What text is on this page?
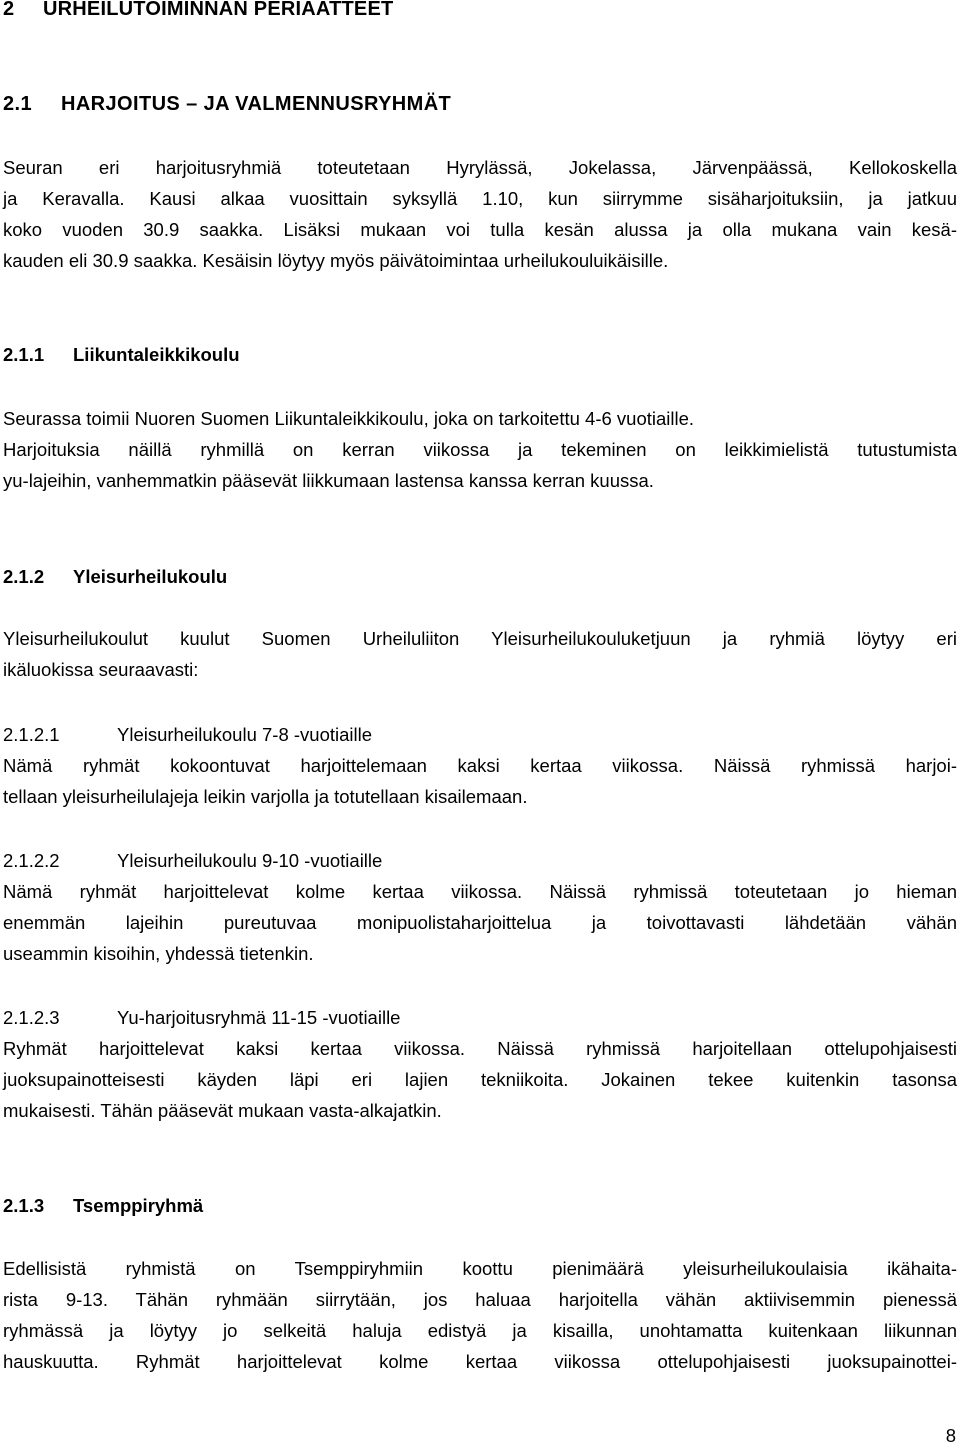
2 URHEILUTOIMINNAN PERIAATTEET
2.1 HARJOITUS – JA VALMENNUSRYHMÄT
Seuran eri harjoitusryhmiä toteutetaan Hyrylässä, Jokelassa, Järvenpäässä, Kellokoskella
ja Keravalla. Kausi alkaa vuosittain syksyllä 1.10, kun siirrymme sisäharjoituksiin, ja jatkuu
koko vuoden 30.9 saakka. Lisäksi mukaan voi tulla kesän alussa ja olla mukana vain kesä-
kauden eli 30.9 saakka. Kesäisin löytyy myös päivätoimintaa urheilukouluikäisille.
2.1.1 Liikuntaleikkikoulu
Seurassa toimii Nuoren Suomen Liikuntaleikkikoulu, joka on tarkoitettu 4-6 vuotiaille.
Harjoituksia näillä ryhmillä on kerran viikossa ja tekeminen on leikkimielistä tutustumista
yu-lajeihin, vanhemmatkin pääsevät liikkumaan lastensa kanssa kerran kuussa.
2.1.2 Yleisurheilukoulu
Yleisurheilukoulut kuulut Suomen Urheiluliiton Yleisurheilukouluketjuun ja ryhmiä löytyy eri
ikäluokissa seuraavasti:
2.1.2.1	Yleisurheilukoulu 7-8 -vuotiaille
Nämä ryhmät kokoontuvat harjoittelemaan kaksi kertaa viikossa. Näissä ryhmissä harjoi-
tellaan yleisurheilulajeja leikin varjolla ja totutellaan kisailemaan.
2.1.2.2	Yleisurheilukoulu 9-10 -vuotiaille
Nämä ryhmät harjoittelevat kolme kertaa viikossa. Näissä ryhmissä toteutetaan jo hieman
enemmän lajeihin pureutuvaa monipuolistaharjoittelua ja toivottavasti lähdetään vähän
useammin kisoihin, yhdessä tietenkin.
2.1.2.3	Yu-harjoitusryhmä 11-15 -vuotiaille
Ryhmät harjoittelevat kaksi kertaa viikossa. Näissä ryhmissä harjoitellaan ottelupohjaisesti
juoksupainotteisesti käyden läpi eri lajien tekniikoita. Jokainen tekee kuitenkin tasonsa
mukaisesti. Tähän pääsevät mukaan vasta-alkajatkin.
2.1.3 Tsemppiryhmä
Edellisistä ryhmistä on Tsemppiryhmiin koottu pienimäärä yleisurheilukoulaisia ikähaita-
rista 9-13. Tähän ryhmään siirrytään, jos haluaa harjoitella vähän aktiivisemmin pienessä
ryhmässä ja löytyy jo selkeitä haluja edistyä ja kisailla, unohtamatta kuitenkaan liikunnan
hauskuutta. Ryhmät harjoittelevat kolme kertaa viikossa ottelupohjaisesti juoksupainottei-
8
